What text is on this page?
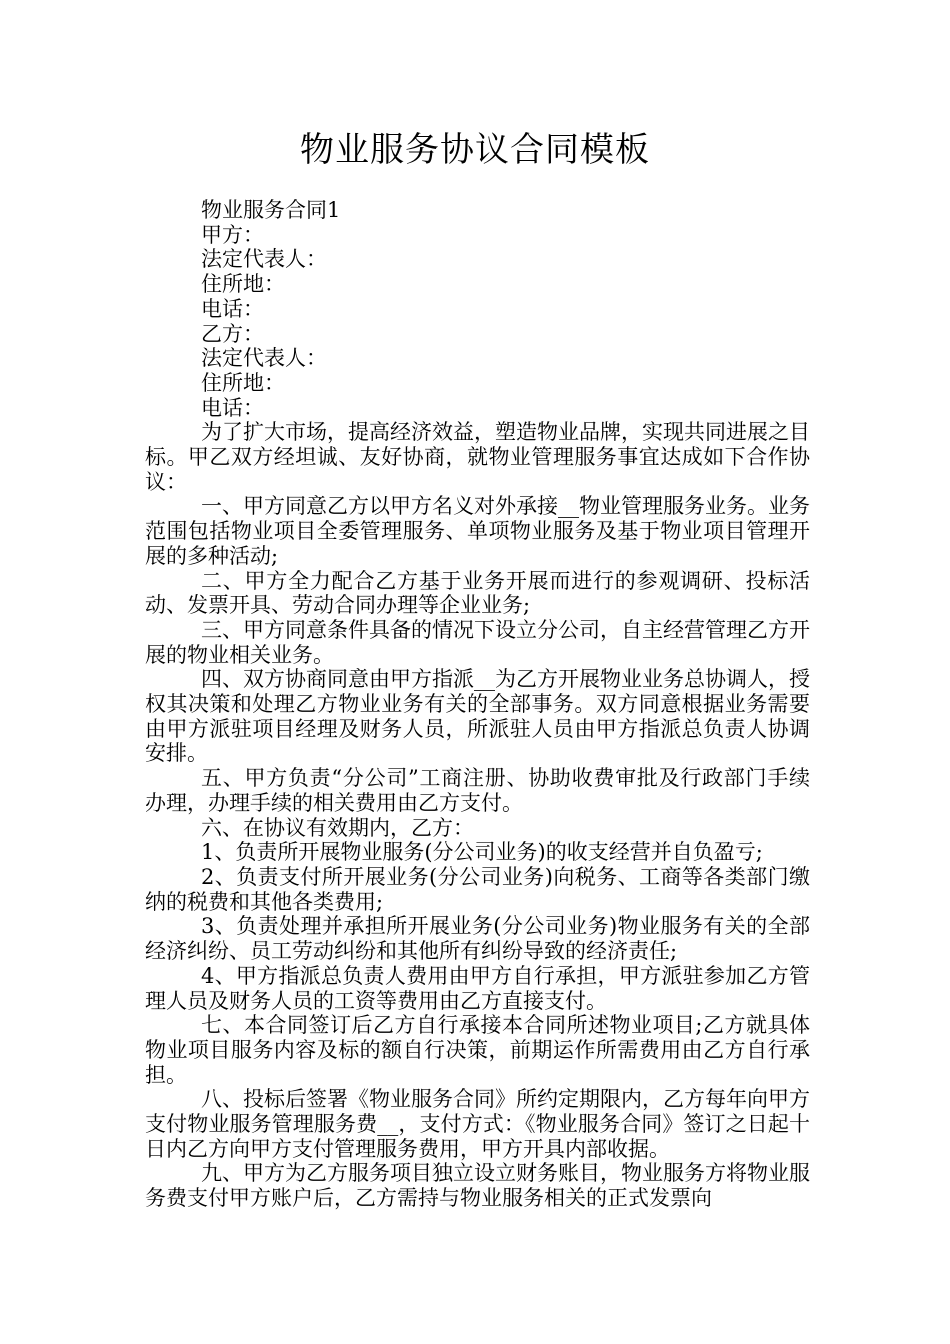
物业服务协议合同模板
物业服务合同1
甲方：
法定代表人：
住所地：
电话：
乙方：
法定代表人：
住所地：
电话：

为了扩大市场，提高经济效益，塑造物业品牌，实现共同进展之目标。甲乙双方经坦诚、友好协商，就物业管理服务事宜达成如下合作协议：

一、甲方同意乙方以甲方名义对外承接__物业管理服务业务。业务范围包括物业项目全委管理服务、单项物业服务及基于物业项目管理开展的多种活动;

二、甲方全力配合乙方基于业务开展而进行的参观调研、投标活动、发票开具、劳动合同办理等企业业务;

三、甲方同意条件具备的情况下设立分公司，自主经营管理乙方开展的物业相关业务。

四、双方协商同意由甲方指派__为乙方开展物业业务总协调人，授权其决策和处理乙方物业业务有关的全部事务。双方同意根据业务需要由甲方派驻项目经理及财务人员，所派驻人员由甲方指派总负责人协调安排。

五、甲方负责“分公司”工商注册、协助收费审批及行政部门手续办理，办理手续的相关费用由乙方支付。

六、在协议有效期内，乙方：

1、负责所开展物业服务(分公司业务)的收支经营并自负盈亏;

2、负责支付所开展业务(分公司业务)向税务、工商等各类部门缴纳的税费和其他各类费用;

3、负责处理并承担所开展业务(分公司业务)物业服务有关的全部经济纠纷、员工劳动纠纷和其他所有纠纷导致的经济责任;

4、甲方指派总负责人费用由甲方自行承担，甲方派驻参加乙方管理人员及财务人员的工资等费用由乙方直接支付。

七、本合同签订后乙方自行承接本合同所述物业项目;乙方就具体物业项目服务内容及标的额自行决策，前期运作所需费用由乙方自行承担。

八、投标后签署《物业服务合同》所约定期限内，乙方每年向甲方支付物业服务管理服务费__，支付方式：《物业服务合同》签订之日起十日内乙方向甲方支付管理服务费用，甲方开具内部收据。

九、甲方为乙方服务项目独立设立财务账目，物业服务方将物业服务费支付甲方账户后，乙方需持与物业服务相关的正式发票向
